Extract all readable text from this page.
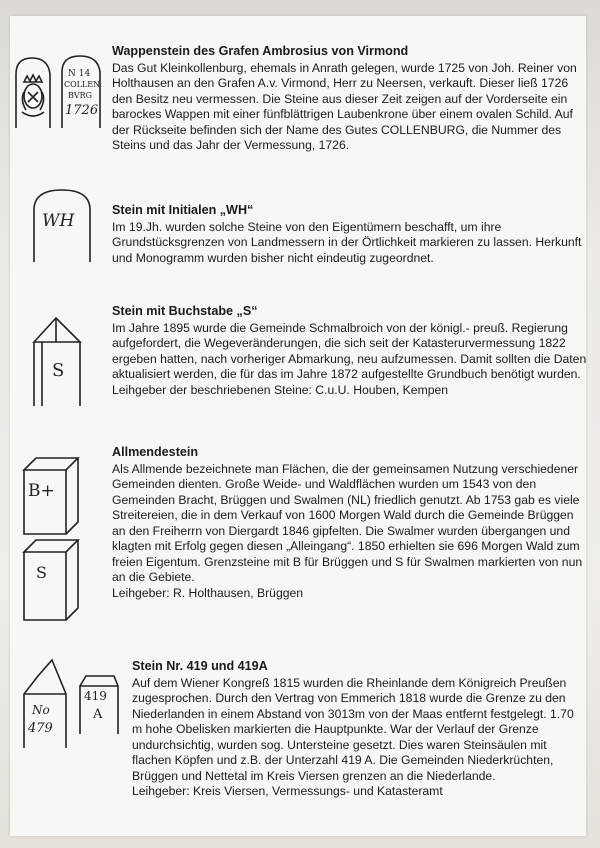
N 14
COLLEN
BVRG
1726

Wappenstein des Grafen Ambrosius von Virmond

Das Gut Kleinkollenburg, ehemals in Anrath gelegen, wurde 1725 von Joh. Reiner von Holthausen an den Grafen A.v. Virmond, Herr zu Neersen, verkauft. Dieser ließ 1726 den Besitz neu vermessen. Die Steine aus dieser Zeit zeigen auf der Vorderseite ein barockes Wappen mit einer fünfblättrigen Laubenkrone über einem ovalen Schild. Auf der Rückseite befinden sich der Name des Gutes COLLENBURG, die Nummer des Steins und das Jahr der Vermessung, 1726.

WH

Stein mit Initialen „WH“

Im 19.Jh. wurden solche Steine von den Eigentümern beschafft, um ihre Grundstücksgrenzen von Landmessern in der Örtlichkeit markieren zu lassen. Herkunft und Monogramm wurden bisher nicht eindeutig zugeordnet.

S

Stein mit Buchstabe „S“

Im Jahre 1895 wurde die Gemeinde Schmalbroich von der königl.- preuß. Regierung aufgefordert, die Wegeveränderungen, die sich seit der Katasterurvermessung 1822 ergeben hatten, nach vorheriger Abmarkung, neu aufzumessen. Damit sollten die Daten aktualisiert werden, die für das im Jahre 1872 aufgestellte Grundbuch benötigt wurden.

Leihgeber der beschriebenen Steine: C.u.U. Houben, Kempen

B+
S

Allmendestein

Als Allmende bezeichnete man Flächen, die der gemeinsamen Nutzung verschiedener Gemeinden dienten. Große Weide- und Waldflächen wurden um 1543 von den Gemeinden Bracht, Brüggen und Swalmen (NL) friedlich genutzt. Ab 1753 gab es viele Streitereien, die in dem Verkauf von 1600 Morgen Wald durch die Gemeinde Brüggen an den Freiherrn von Diergardt 1846 gipfelten. Die Swalmer wurden übergangen und klagten mit Erfolg gegen diesen „Alleingang“. 1850 erhielten sie 696 Morgen Wald zum freien Eigentum. Grenzsteine mit B für Brüggen und S für Swalmen markierten von nun an die Gebiete.

Leihgeber: R. Holthausen, Brüggen

No
479
419
A

Stein Nr. 419 und 419A

Auf dem Wiener Kongreß 1815 wurden die Rheinlande dem Königreich Preußen zugesprochen. Durch den Vertrag von Emmerich 1818 wurde die Grenze zu den Niederlanden in einem Abstand von 3013m von der Maas entfernt festgelegt. 1.70 m hohe Obelisken markierten die Hauptpunkte. War der Verlauf der Grenze undurchsichtig, wurden sog. Untersteine gesetzt. Dies waren Steinsäulen mit flachen Köpfen und z.B. der Unterzahl 419 A. Die Gemeinden Niederkrüchten, Brüggen und Nettetal im Kreis Viersen grenzen an die Niederlande.

Leihgeber: Kreis Viersen, Vermessungs- und Katasteramt
